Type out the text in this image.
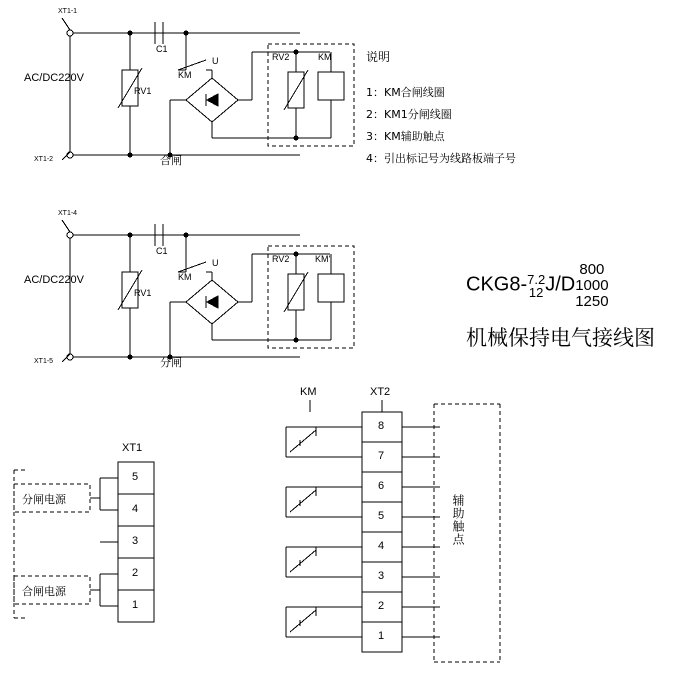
XT1-1
XT1-2
AC/DC220V
C1
RV1
KM
U	RV2	KM
合闸
XT1-4
XT1-5
AC/DC220V
C1
RV1
KM
U	RV2	KM'
分闸
说明
1：KM合闸线圈
2：KM1分闸线圈
3：KM辅助触点
4：引出标记号为线路板端子号
CKG8- 7.2
12 J/D
800
1000
1250
机械保持电气接线图
XT1
5
4
3
2
1
分闸电源
合闸电源
KM	XT2
8
7
6
5
4
3
2
1
辅助触点
